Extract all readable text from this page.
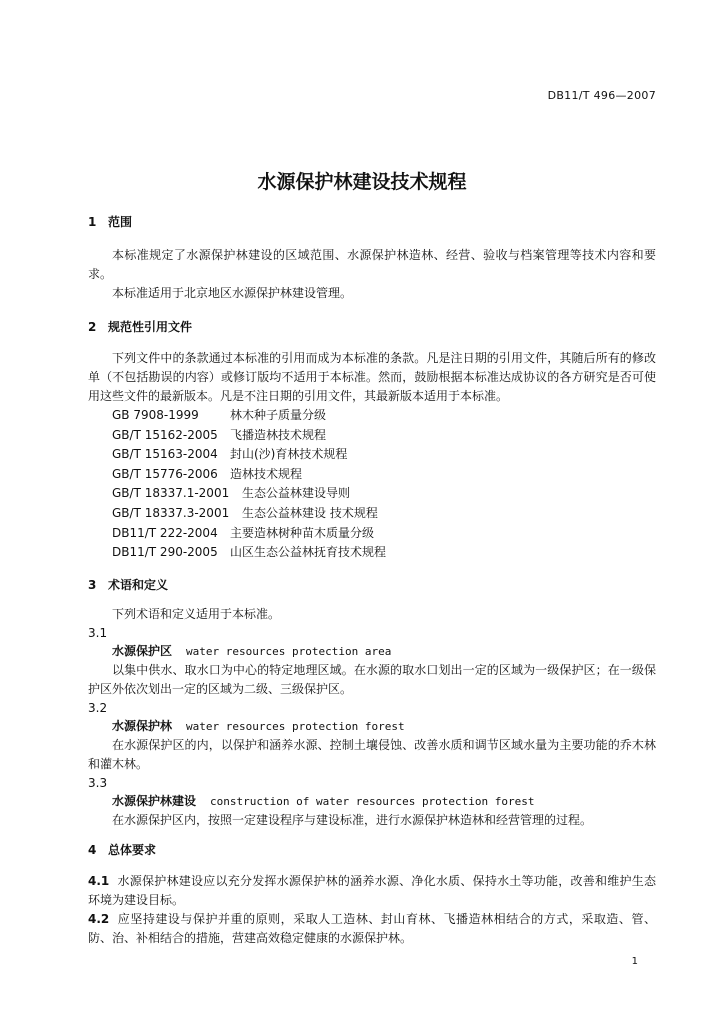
DB11/T 496—2007
水源保护林建设技术规程
1 范围

本标准规定了水源保护林建设的区域范围、水源保护林造林、经营、验收与档案管理等技术内容和要求。

本标准适用于北京地区水源保护林建设管理。

2 规范性引用文件

下列文件中的条款通过本标准的引用而成为本标准的条款。凡是注日期的引用文件，其随后所有的修改单（不包括勘误的内容）或修订版均不适用于本标准。然而，鼓励根据本标准达成协议的各方研究是否可使用这些文件的最新版本。凡是不注日期的引用文件，其最新版本适用于本标准。

GB 7908-1999	林木种子质量分级
GB/T 15162-2005 飞播造林技术规程
GB/T 15163-2004 封山(沙)育林技术规程
GB/T 15776-2006 造林技术规程
GB/T 18337.1-2001 生态公益林建设导则
GB/T 18337.3-2001 生态公益林建设 技术规程
DB11/T 222-2004 主要造林树种苗木质量分级
DB11/T 290-2005 山区生态公益林抚育技术规程
3 术语和定义

下列术语和定义适用于本标准。

3.1
水源保护区 water resources protection area

以集中供水、取水口为中心的特定地理区域。在水源的取水口划出一定的区域为一级保护区；在一级保护区外依次划出一定的区域为二级、三级保护区。

3.2
水源保护林 water resources protection forest

在水源保护区的内，以保护和涵养水源、控制土壤侵蚀、改善水质和调节区域水量为主要功能的乔木林和灌木林。

3.3
水源保护林建设 construction of water resources protection forest

在水源保护区内，按照一定建设程序与建设标准，进行水源保护林造林和经营管理的过程。

4 总体要求

4.1 水源保护林建设应以充分发挥水源保护林的涵养水源、净化水质、保持水土等功能，改善和维护生态环境为建设目标。

4.2 应坚持建设与保护并重的原则，采取人工造林、封山育林、飞播造林相结合的方式，采取造、管、防、治、补相结合的措施，营建高效稳定健康的水源保护林。

1
